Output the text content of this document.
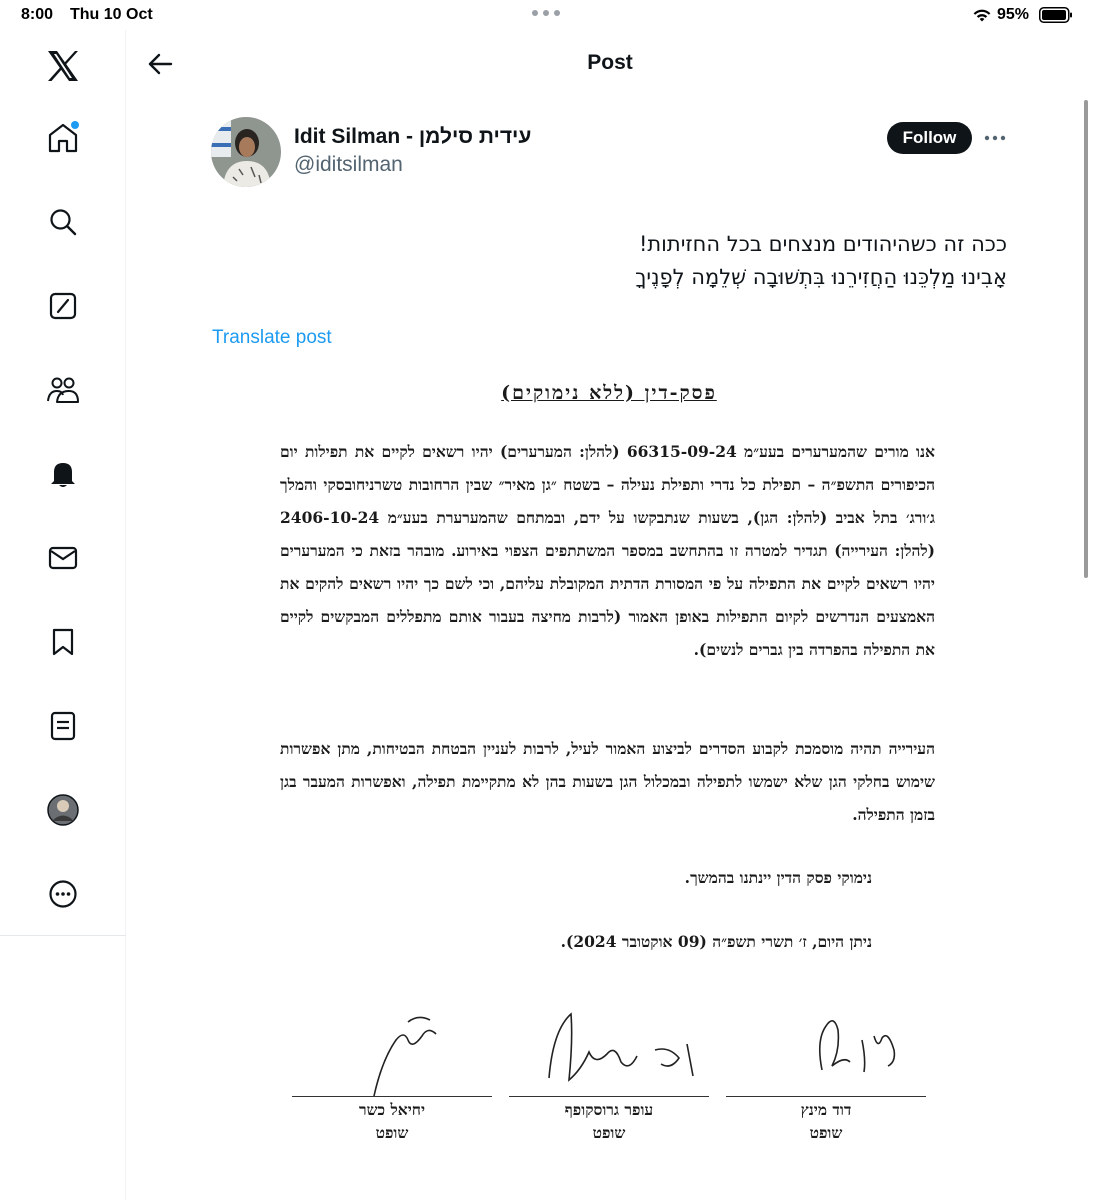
8:00 Thu 10 Oct	95%
Post
Idit Silman - עידית סילמן
@iditsilman
Follow
ככה זה כשהיהודים מנצחים בכל החזיתות!
אָבִינוּ מַלְכֵּנוּ הַחֲזִירֵנוּ בִּתְשׁוּבָה שְׁלֵמָה לְפָנֶיךָ
Translate post
פסק-דין (ללא נימוקים)
אנו מורים שהמערערים בעע״מ 66315-09-24 (להלן: המערערים) יהיו רשאים לקיים את תפילות יום הכיפורים התשפ״ה – תפילת כל נדרי ותפילת נעילה – בשטח ״גן מאיר״ שבין הרחובות טשרניחובסקי והמלך ג׳ורג׳ בתל אביב (להלן: הגן), בשעות שנתבקשו על ידם, ובמתחם שהמערערת בעע״מ 2406-10-24 (להלן: העירייה) תגדיר למטרה זו בהתחשב במספר המשתתפים הצפוי באירוע. מובהר בזאת כי המערערים יהיו רשאים לקיים את התפילה על פי המסורת הדתית המקובלת עליהם, וכי לשם כך יהיו רשאים להקים את האמצעים הנדרשים לקיום התפילות באופן האמור (לרבות מחיצה בעבור אותם מתפללים המבקשים לקיים את התפילה בהפרדה בין גברים לנשים).
העירייה תהיה מוסמכת לקבוע הסדרים לביצוע האמור לעיל, לרבות לעניין הבטחת הבטיחות, מתן אפשרות שימוש בחלקי הגן שלא ישמשו לתפילה ובמכלול הגן בשעות בהן לא מתקיימת תפילה, ואפשרות המעבר בגן בזמן התפילה.
נימוקי פסק הדין יינתנו בהמשך.
ניתן היום, ז׳ תשרי תשפ״ה (09 אוקטובר 2024).
יחיאל כשר
שופט
עופר גרוסקופף
שופט
דוד מינץ
שופט
